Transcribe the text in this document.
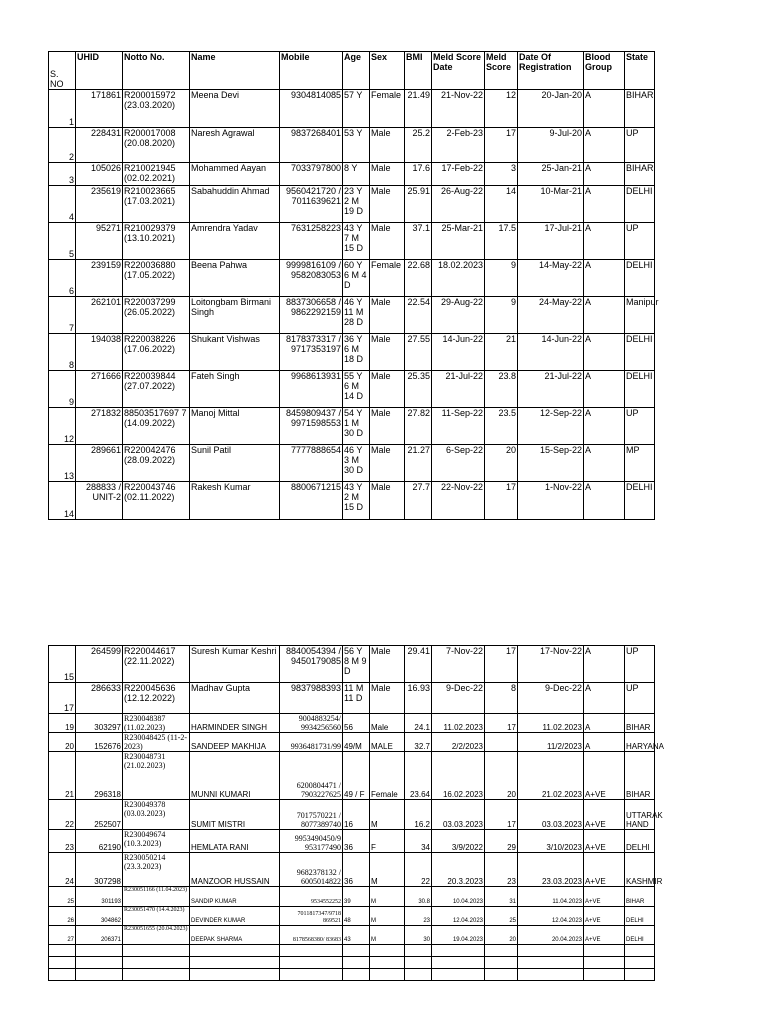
S. NO	UHID	Notto No.	Name	Mobile	Age	Sex	BMI	Meld Score Date	Meld Score	Date Of Registration	Blood Group	State
1	171861	R200015972 (23.03.2020)	Meena Devi	9304814085	57 Y	Female	21.49	21-Nov-22	12	20-Jan-20	A	BIHAR
2	228431	R200017008 (20.08.2020)	Naresh Agrawal	9837268401	53 Y	Male	25.2	2-Feb-23	17	9-Jul-20	A	UP
3	105026	R210021945 (02.02.2021)	Mohammed Aayan	7033797800	8 Y	Male	17.6	17-Feb-22	3	25-Jan-21	A	BIHAR
4	235619	R210023665 (17.03.2021)	Sabahuddin Ahmad	9560421720 / 7011639621	23 Y 2 M 19 D	Male	25.91	26-Aug-22	14	10-Mar-21	A	DELHI
5	95271	R210029379 (13.10.2021)	Amrendra Yadav	7631258223	43 Y 7 M 15 D	Male	37.1	25-Mar-21	17.5	17-Jul-21	A	UP
6	239159	R220036880 (17.05.2022)	Beena Pahwa	9999816109 / 9582083053	60 Y 6 M 4 D	Female	22.68	18.02.2023	9	14-May-22	A	DELHI
7	262101	R220037299 (26.05.2022)	Loitongbam Birmani Singh	8837306658 / 9862292159	46 Y 11 M 28 D	Male	22.54	29-Aug-22	9	24-May-22	A	Manipur
8	194038	R220038226 (17.06.2022)	Shukant Vishwas	8178373317 / 9717353197	36 Y 6 M 18 D	Male	27.55	14-Jun-22	21	14-Jun-22	A	DELHI
9	271666	R220039844 (27.07.2022)	Fateh Singh	9968613931	55 Y 6 M 14 D	Male	25.35	21-Jul-22	23.8	21-Jul-22	A	DELHI
12	271832	88503517697 7 (14.09.2022)	Manoj Mittal	8459809437 / 9971598553	54 Y 1 M 30 D	Male	27.82	11-Sep-22	23.5	12-Sep-22	A	UP
13	289661	R220042476 (28.09.2022)	Sunil Patil	7777888654	46 Y 3 M 30 D	Male	21.27	6-Sep-22	20	15-Sep-22	A	MP
14	288833 / UNIT-2	R220043746 (02.11.2022)	Rakesh Kumar	8800671215	43 Y 2 M 15 D	Male	27.7	22-Nov-22	17	1-Nov-22	A	DELHI
15	264599	R220044617 (22.11.2022)	Suresh Kumar Keshri	8840054394 / 9450179085	56 Y 8 M 9 D	Male	29.41	7-Nov-22	17	17-Nov-22	A	UP
17	286633	R220045636 (12.12.2022)	Madhav Gupta	9837988393	11 M 11 D	Male	16.93	9-Dec-22	8	9-Dec-22	A	UP
19	303297	R230048387 (11.02.2023)	HARMINDER SINGH	9004883254/ 9934256560	56	Male	24.1	11.02.2023	17	11.02.2023	A	BIHAR
20	152676	R230048425 (11-2-2023)	SANDEEP MAKHIJA	9936481731/99	49/M	MALE	32.7	2/2/2023		11/2/2023	A	HARYANA
21	296318	R230048731 (21.02.2023)	MUNNI KUMARI	6200804471 / 7903227625	49 / F	Female	23.64	16.02.2023	20	21.02.2023	A+VE	BIHAR
22	252507	R230049378 (03.03.2023)	SUMIT MISTRI	7017570221 / 8077389740	16	M	16.2	03.03.2023	17	03.03.2023	A+VE	UTTARAK HAND
23	62190	R230049674 (10.3.2023)	HEMLATA RANI	9953490450/9 953177490	36	F	34	3/9/2022	29	3/10/2023	A+VE	DELHI
24	307298	R230050214 (23.3.2023)	MANZOOR HUSSAIN	9682378132 / 6005014822	36	M	22	20.3.2023	23	23.03.2023	A+VE	KASHMIR
25	301193	R230051166 (11.04.2023)	SANDIP KUMAR	9534552252	39	M	30.8	10.04.2023	31	11.04.2023	A+VE	BIHAR
26	304862	R230051470 (14.4.2023)	DEVINDER KUMAR	7011817347/9718 869521	48	M	23	12.04.2023	25	12.04.2023	A+VE	DELHI
27	206371	R230051655 (20.04.2023)	DEEPAK SHARMA	8178568380/ 83683	43	M	30	19.04.2023	20	20.04.2023	A+VE	DELHI
